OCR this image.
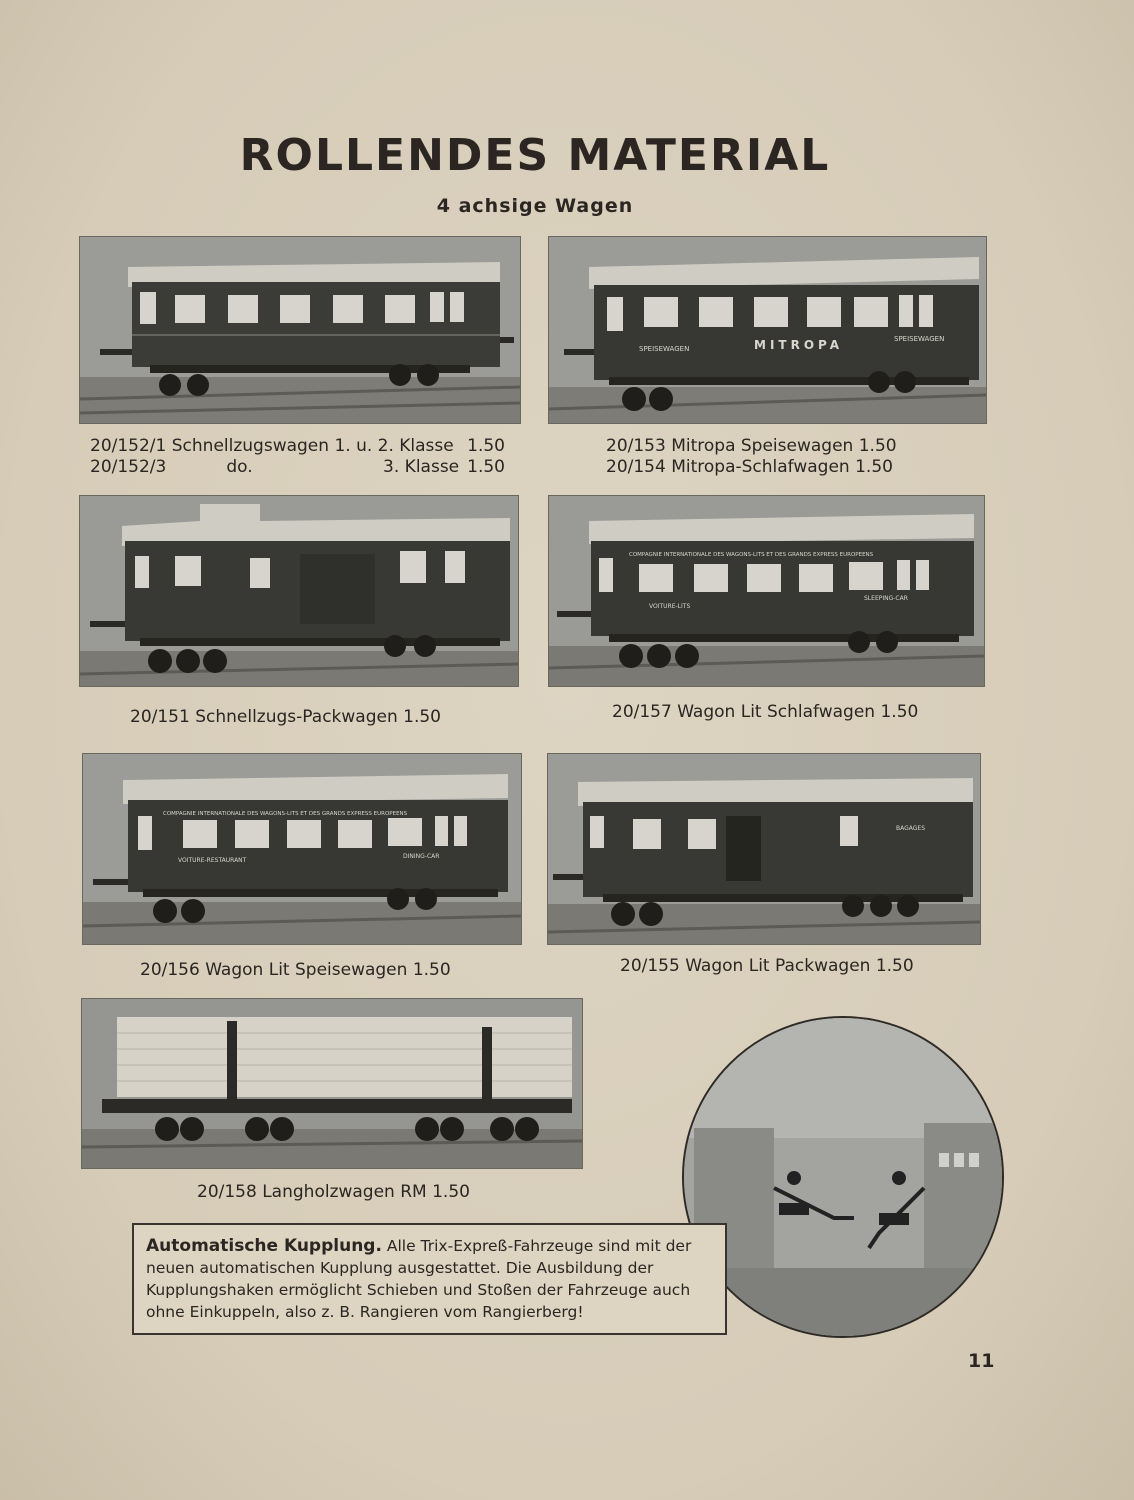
ROLLENDES MATERIAL
4 achsige Wagen
SPEISEWAGEN	MITROPA	SPEISEWAGEN
20/152/1 Schnellzugswagen 1. u. 2. Klasse 1.50
20/152/3	do.	3. Klasse 1.50
20/153 Mitropa Speisewagen 1.50
20/154 Mitropa-Schlafwagen 1.50
COMPAGNIE INTERNATIONALE DES WAGONS-LITS ET DES GRANDS EXPRESS EUROPEENS
VOITURE-LITS
SLEEPING-CAR
20/151 Schnellzugs-Packwagen 1.50	20/157 Wagon Lit Schlafwagen 1.50
COMPAGNIE INTERNATIONALE DES WAGONS-LITS ET DES GRANDS EXPRESS EUROPEENS
VOITURE-RESTAURANT
DINING-CAR
BAGAGES
20/156 Wagon Lit Speisewagen 1.50	20/155 Wagon Lit Packwagen 1.50
20/158 Langholzwagen RM 1.50
Automatische Kupplung. Alle Trix-Expreß-Fahrzeuge sind mit der neuen automatischen Kupplung ausgestattet. Die Ausbildung der Kupplungshaken ermöglicht Schieben und Stoßen der Fahrzeuge auch ohne Einkuppeln, also z. B. Rangieren vom Rangierberg!
11
